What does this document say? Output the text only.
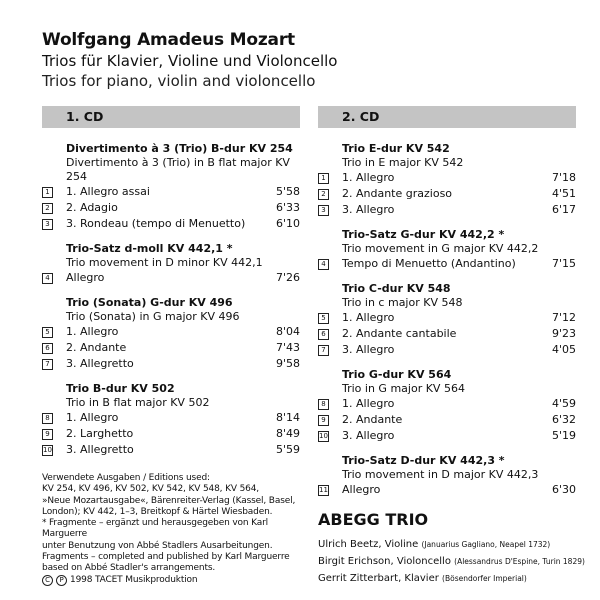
Wolfgang Amadeus Mozart
Trios für Klavier, Violine und Violoncello
Trios for piano, violin and violoncello
1. CD
Divertimento à 3 (Trio) B-dur KV 254
Divertimento à 3 (Trio) in B flat major KV 254
1 1. Allegro assai	5'58
2 2. Adagio	6'33
3 3. Rondeau (tempo di Menuetto)	6'10
Trio-Satz d-moll KV 442,1 *
Trio movement in D minor KV 442,1
4 Allegro	7'26
Trio (Sonata) G-dur KV 496
Trio (Sonata) in G major KV 496
5 1. Allegro	8'04
6 2. Andante	7'43
7 3. Allegretto	9'58
Trio B-dur KV 502
Trio in B flat major KV 502
8 1. Allegro	8'14
9 2. Larghetto	8'49
10 3. Allegretto	5'59
2. CD
Trio E-dur KV 542
Trio in E major KV 542
1 1. Allegro	7'18
2 2. Andante grazioso	4'51
3 3. Allegro	6'17
Trio-Satz G-dur KV 442,2 *
Trio movement in G major KV 442,2
4 Tempo di Menuetto (Andantino)	7'15
Trio C-dur KV 548
Trio in c major KV 548
5 1. Allegro	7'12
6 2. Andante cantabile	9'23
7 3. Allegro	4'05
Trio G-dur KV 564
Trio in G major KV 564
8 1. Allegro	4'59
9 2. Andante	6'32
10 3. Allegro	5'19
Trio-Satz D-dur KV 442,3 *
Trio movement in D major KV 442,3
11 Allegro	6'30
Verwendete Ausgaben / Editions used:
KV 254, KV 496, KV 502, KV 542, KV 548, KV 564,
»Neue Mozartausgabe«, Bärenreiter-Verlag (Kassel, Basel,
London); KV 442, 1–3, Breitkopf & Härtel Wiesbaden.
* Fragmente – ergänzt und herausgegeben von Karl Marguerre
unter Benutzung von Abbé Stadlers Ausarbeitungen.
Fragments – completed and published by Karl Marguerre
based on Abbé Stadler's arrangements.
C	P 1998 TACET Musikproduktion
ABEGG TRIO
Ulrich Beetz, Violine (Januarius Gagliano, Neapel 1732)
Birgit Erichson, Violoncello (Alessandrus D'Espine, Turin 1829)
Gerrit Zitterbart, Klavier (Bösendorfer Imperial)
